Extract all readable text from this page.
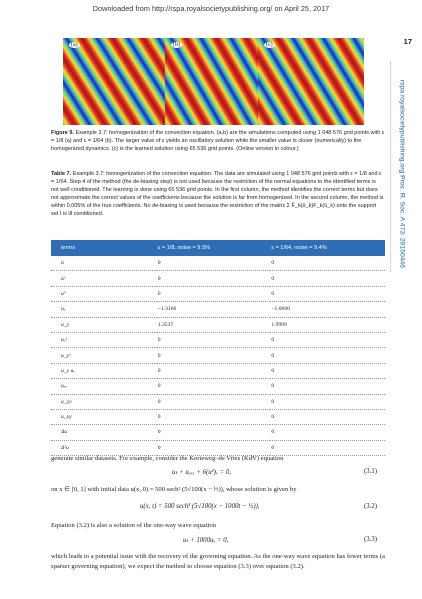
Downloaded from http://rspa.royalsocietypublishing.org/ on April 25, 2017
17
rspa.royalsocietypublishing.org Proc. R. Soc. A 473: 20160446
(a)	(b)	(c)
Figure 9. Example 3.7: homogenization of the convection equation. (a,b) are the simulations computed using 1 048 576 grid points with ε = 1/8 (a) and ε = 1/64 (b). The larger value of ε yields an oscillatory solution while the smaller value is closer (numerically) to the homogenized dynamics. (c) is the learned solution using 65 536 grid points. (Online version in colour.)
Table 7. Example 3.7: homogenization of the convection equation. The data are simulated using 1 048 576 grid points with ε = 1/8 and ε = 1/64. Step 4 of the method (the de-biasing step) is not used because the restriction of the normal equations to the identified terms is not well conditioned. The learning is done using 65 536 grid points. In the first column, the method identifies the correct terms but does not approximate the correct values of the coefficients because the solution is far from homogenized. In the second column, the method is within 0.005% of the true coefficients. No de-biasing is used because the restriction of the matrix Σ F̄_k(ū_k)F_k(ū_k) onto the support set I is ill conditioned.
terms	ε = 1/8, noise = 9.5%	ε = 1/64, noise = 9.4%
u	0	0
u²	0	0
u³	0	0
uₓ	−1.3166	−1.0000
u_y	1.3537	1.9999
uₓ²	0	0
u_y²	0	0
u_y uₓ	0	0
uₓₓ	0	0
u_yy	0	0
u_xy	0	0
Δu	0	0
Δ²u	0	0
generate similar datasets. For example, consider the Korteweg–de Vries (KdV) equation
uₜ + uₓₓₓ + 6(u²)ₓ = 0,	(3.1)
on x ∈ [0, 1] with initial data u(x, 0) = 500 sech² (5√100(x − ½)), whose solution is given by
u(x, t) = 500 sech² (5√100(x − 1000t − ½)).	(3.2)
Equation (3.2) is also a solution of the one-way wave equation
uₜ + 1000uₓ = 0,	(3.3)
which leads to a potential issue with the recovery of the governing equation. As the one-way wave equation has fewer terms (a sparser governing equation), we expect the method to choose equation (3.3) over equation (3.2).
